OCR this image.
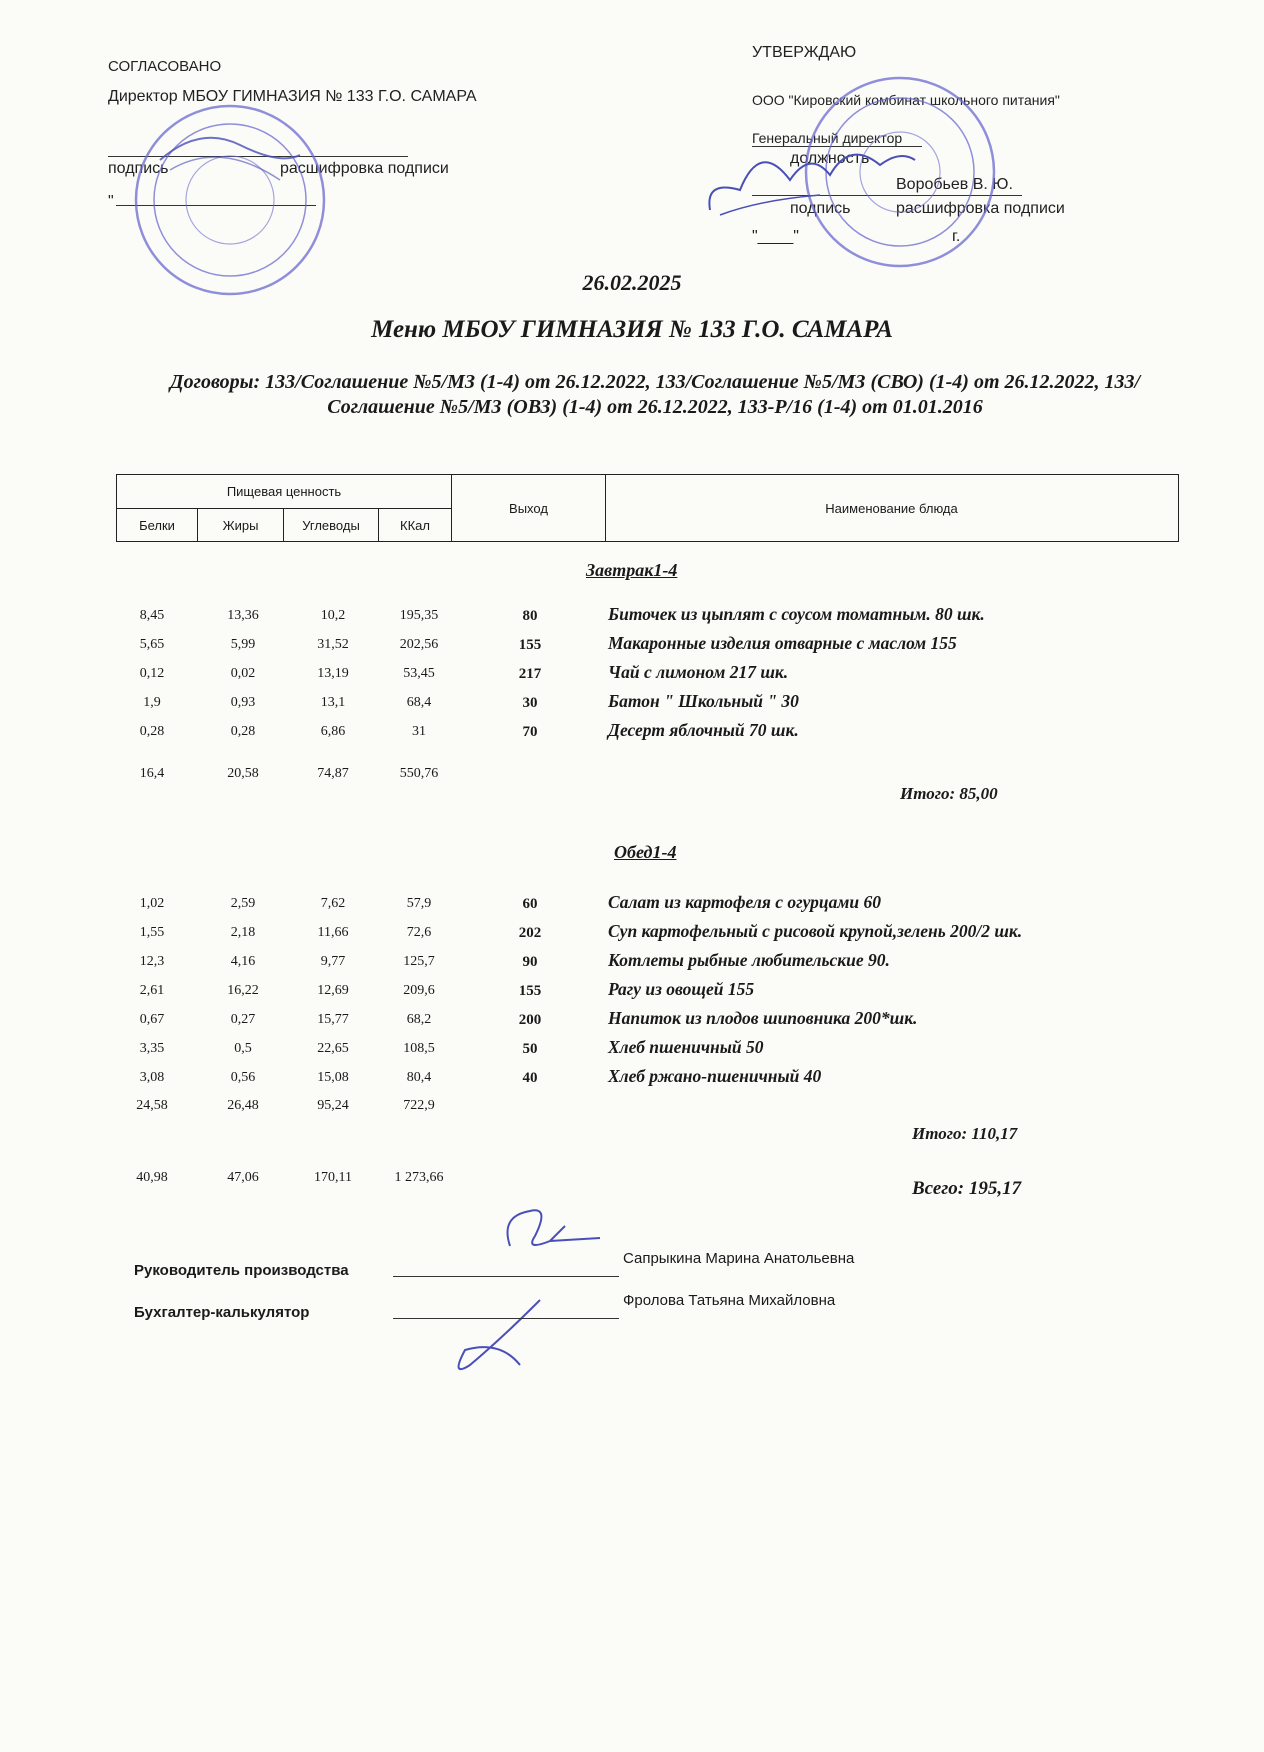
СОГЛАСОВАНО
Директор МБОУ ГИМНАЗИЯ № 133 Г.О. САМАРА
подпись	расшифровка подписи
"
УТВЕРЖДАЮ
ООО "Кировский комбинат школьного питания"
Генеральный директор
должность
Воробьев В. Ю.
подпись	расшифровка подписи
"____"	г.
26.02.2025
Меню МБОУ ГИМНАЗИЯ № 133 Г.О. САМАРА
Договоры: 133/Соглашение №5/МЗ (1-4) от 26.12.2022, 133/Соглашение №5/МЗ (СВО) (1-4) от 26.12.2022, 133/Соглашение №5/МЗ (ОВЗ) (1-4) от 26.12.2022, 133-Р/16 (1-4) от 01.01.2016
Пищевая ценность
Белки	Жиры	Углеводы	ККал
Выход	Наименование блюда
Завтрак1-4
8,45	13,36	10,2	195,35	80	Биточек из цыплят с соусом томатным. 80 шк.
5,65	5,99	31,52	202,56	155	Макаронные изделия отварные с маслом 155
0,12	0,02	13,19	53,45	217	Чай с лимоном 217 шк.
1,9	0,93	13,1	68,4	30	Батон " Школьный " 30
0,28	0,28	6,86	31	70	Десерт яблочный 70 шк.
16,4	20,58	74,87	550,76
Итого: 85,00
Обед1-4
1,02	2,59	7,62	57,9	60	Салат из картофеля с огурцами 60
1,55	2,18	11,66	72,6	202	Суп картофельный с рисовой крупой,зелень 200/2 шк.
12,3	4,16	9,77	125,7	90	Котлеты рыбные любительские 90.
2,61	16,22	12,69	209,6	155	Рагу из овощей 155
0,67	0,27	15,77	68,2	200	Напиток из плодов шиповника 200*шк.
3,35	0,5	22,65	108,5	50	Хлеб пшеничный 50
3,08	0,56	15,08	80,4	40	Хлеб ржано-пшеничный 40
24,58	26,48	95,24	722,9
Итого: 110,17
40,98	47,06	170,11	1 273,66
Всего: 195,17
Руководитель производства
Сапрыкина Марина Анатольевна
Бухгалтер-калькулятор
Фролова Татьяна Михайловна
